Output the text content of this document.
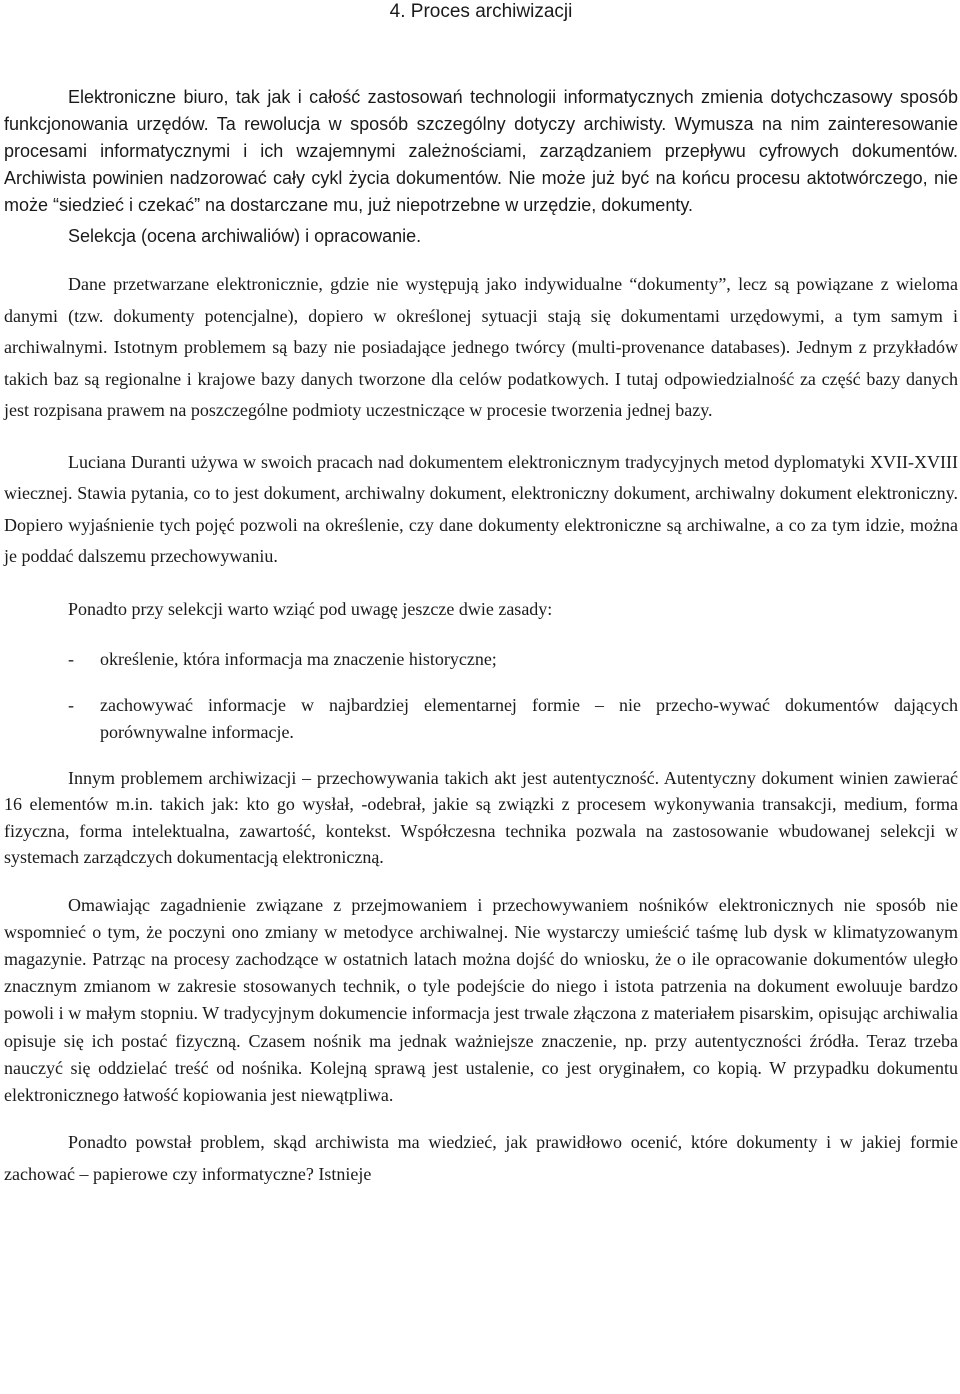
4. Proces archiwizacji

Elektroniczne biuro, tak jak i całość zastosowań technologii informatycznych zmienia dotychczasowy sposób funkcjonowania urzędów. Ta rewolucja w sposób szczególny dotyczy archiwisty. Wymusza na nim zainteresowanie procesami informatycznymi i ich wzajemnymi zależnościami, zarządzaniem przepływu cyfrowych dokumentów. Archiwista powinien nadzorować cały cykl życia dokumentów. Nie może już być na końcu procesu aktotwórczego, nie może “siedzieć i czekać” na dostarczane mu, już niepotrzebne w urzędzie, dokumenty.

Selekcja (ocena archiwaliów) i opracowanie.

Dane przetwarzane elektronicznie, gdzie nie występują jako indywidualne “dokumenty”, lecz są powiązane z wieloma danymi (tzw. dokumenty potencjalne), dopiero w określonej sytuacji stają się dokumentami urzędowymi, a tym samym i archiwalnymi. Istotnym problemem są bazy nie posiadające jednego twórcy (multi-provenance databases). Jednym z przykładów takich baz są regionalne i krajowe bazy danych tworzone dla celów podatkowych. I tutaj odpowiedzialność za część bazy danych jest rozpisana prawem na poszczególne podmioty uczestniczące w procesie tworzenia jednej bazy.

Luciana Duranti używa w swoich pracach nad dokumentem elektronicznym tradycyjnych metod dyplomatyki XVII-XVIII wiecznej. Stawia pytania, co to jest dokument, archiwalny dokument, elektroniczny dokument, archiwalny dokument elektroniczny. Dopiero wyjaśnienie tych pojęć pozwoli na określenie, czy dane dokumenty elektroniczne są archiwalne, a co za tym idzie, można je poddać dalszemu przechowywaniu.

Ponadto przy selekcji warto wziąć pod uwagę jeszcze dwie zasady:

- określenie, która informacja ma znaczenie historyczne;
- zachowywać informacje w najbardziej elementarnej formie – nie przecho-wywać dokumentów dających porównywalne informacje.

Innym problemem archiwizacji – przechowywania takich akt jest autentyczność. Autentyczny dokument winien zawierać 16 elementów m.in. takich jak: kto go wysłał, -odebrał, jakie są związki z procesem wykonywania transakcji, medium, forma fizyczna, forma intelektualna, zawartość, kontekst. Współczesna technika pozwala na zastosowanie wbudowanej selekcji w systemach zarządczych dokumentacją elektroniczną.

Omawiając zagadnienie związane z przejmowaniem i przechowywaniem nośników elektronicznych nie sposób nie wspomnieć o tym, że poczyni ono zmiany w metodyce archiwalnej. Nie wystarczy umieścić taśmę lub dysk w klimatyzowanym magazynie. Patrząc na procesy zachodzące w ostatnich latach można dojść do wniosku, że o ile opracowanie dokumentów uległo znacznym zmianom w zakresie stosowanych technik, o tyle podejście do niego i istota patrzenia na dokument ewoluuje bardzo powoli i w małym stopniu. W tradycyjnym dokumencie informacja jest trwale złączona z materiałem pisarskim, opisując archiwalia opisuje się ich postać fizyczną. Czasem nośnik ma jednak ważniejsze znaczenie, np. przy autentyczności źródła. Teraz trzeba nauczyć się oddzielać treść od nośnika. Kolejną sprawą jest ustalenie, co jest oryginałem, co kopią. W przypadku dokumentu elektronicznego łatwość kopiowania jest niewątpliwa.

Ponadto powstał problem, skąd archiwista ma wiedzieć, jak prawidłowo ocenić, które dokumenty i w jakiej formie zachować – papierowe czy informatyczne? Istnieje
